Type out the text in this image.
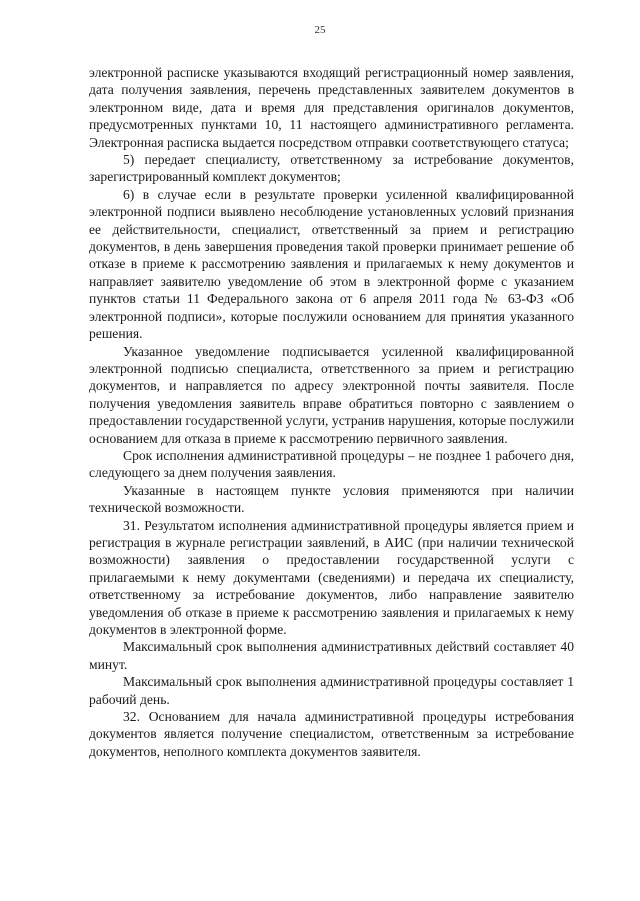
25

электронной расписке указываются входящий регистрационный номер заявления, дата получения заявления, перечень представленных заявителем документов в электронном виде, дата и время для представления оригиналов документов, предусмотренных пунктами 10, 11 настоящего административного регламента. Электронная расписка выдается посредством отправки соответствующего статуса;

5) передает специалисту, ответственному за истребование документов, зарегистрированный комплект документов;

6) в случае если в результате проверки усиленной квалифицированной электронной подписи выявлено несоблюдение установленных условий признания ее действительности, специалист, ответственный за прием и регистрацию документов, в день завершения проведения такой проверки принимает решение об отказе в приеме к рассмотрению заявления и прилагаемых к нему документов и направляет заявителю уведомление об этом в электронной форме с указанием пунктов статьи 11 Федерального закона от 6 апреля 2011 года № 63-ФЗ «Об электронной подписи», которые послужили основанием для принятия указанного решения.

Указанное уведомление подписывается усиленной квалифицированной электронной подписью специалиста, ответственного за прием и регистрацию документов, и направляется по адресу электронной почты заявителя. После получения уведомления заявитель вправе обратиться повторно с заявлением о предоставлении государственной услуги, устранив нарушения, которые послужили основанием для отказа в приеме к рассмотрению первичного заявления.

Срок исполнения административной процедуры – не позднее 1 рабочего дня, следующего за днем получения заявления.

Указанные в настоящем пункте условия применяются при наличии технической возможности.

31. Результатом исполнения административной процедуры является прием и регистрация в журнале регистрации заявлений, в АИС (при наличии технической возможности) заявления о предоставлении государственной услуги с прилагаемыми к нему документами (сведениями) и передача их специалисту, ответственному за истребование документов, либо направление заявителю уведомления об отказе в приеме к рассмотрению заявления и прилагаемых к нему документов в электронной форме.

Максимальный срок выполнения административных действий составляет 40 минут.

Максимальный срок выполнения административной процедуры составляет 1 рабочий день.

32. Основанием для начала административной процедуры истребования документов является получение специалистом, ответственным за истребование документов, неполного комплекта документов заявителя.
